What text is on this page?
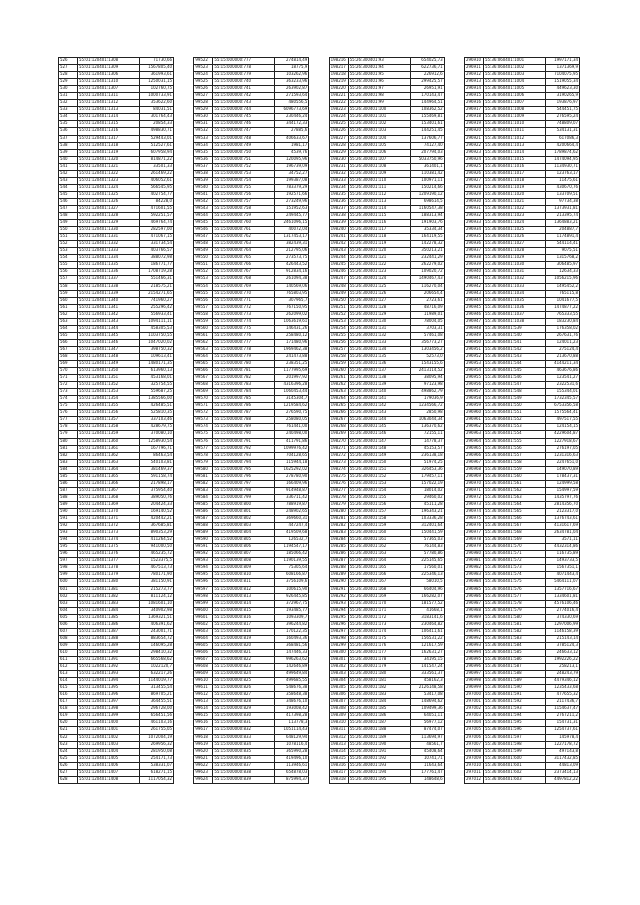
526	55:01:120401:1308	71730,66
527	55:01:120401:1309	1567805,40
528	55:01:120401:1306	361993,61
529	55:01:120401:1310	1250031,15
530	55:01:120401:1307	102760,75
531	55:01:120401:1311	1000733,91
532	55:01:120401:1312	353622,60
533	55:01:120401:1313	84031,51
534	55:01:120401:1314	301764,43
535	55:01:120401:1315	20854,33
536	55:01:120401:1316	498830,71
537	55:01:120401:1317	529443,01
538	55:01:120401:1318	512527,61
539	55:01:120401:1319	607958,94
540	55:01:120401:1320	814871,22
541	55:01:120401:1321	33501,33
542	55:01:120401:1322	261469,22
543	55:01:120401:1323	406052,61
544	55:01:120401:1324	566545,95
545	55:01:120401:1325	402754,77
546	55:01:120401:1326	84228,0
547	55:01:120401:1327	471601,55
548	55:01:120401:1328	592251,57
549	55:01:120401:1329	469764,74
550	55:01:120401:1330	282597,00
551	55:01:120401:1331	471067,15
552	55:01:120401:1332	331734,54
553	55:01:120401:1333	403766,57
554	55:01:120401:1334	388072,98
555	55:01:120401:1335	186771,77
556	55:01:120401:1336	1708719,28
557	55:01:120401:1337	551466,31
558	55:01:120401:1338	218575,21
559	55:01:120401:1339	2154271,65
560	55:01:120401:1340	741960,27
561	55:01:120401:1341	255296,42
562	55:01:120401:1342	556933,41
563	55:01:120401:1343	1094111,11
564	55:01:120401:1344	458305,53
565	55:01:120401:1345	1103750,55
566	55:01:120401:1346	1047020,02
567	55:01:120401:1347	398750,32
568	55:01:120401:1348	109613,41
569	55:01:120401:1349	1480171,35
570	55:01:120401:1350	613960,13
571	55:01:120401:1351	453168,01
572	55:01:120401:1352	325754,55
573	55:01:120401:1353	559687,25
574	55:01:120401:1354	1385566,00
575	55:01:120401:1355	426485,51
576	55:01:120401:1356	525810,35
577	55:01:120401:1357	337103,46
578	55:01:120401:1358	428679,75
579	55:01:120401:1359	370080,10
580	55:01:120401:1360	1258930,54
581	55:01:120401:1361	167796,71
582	55:01:120401:1362	86463,54
583	55:01:120401:1363	540103,81
584	55:01:120401:1364	381469,37
585	55:01:120401:1365	591158,74
586	55:01:120401:1366	217898,17
587	55:01:120401:1367	375954,40
588	55:01:120401:1368	389050,76
589	55:01:120401:1369	204424,33
590	55:01:120401:1370	169140,52
591	55:01:120401:1371	420442,21
592	55:01:120401:1372	367685,81
593	55:01:120401:1373	890353,29
594	55:01:120401:1374	411264,52
595	55:01:120401:1375	941000,50
596	55:01:120401:1376	465235,72
597	55:01:120401:1377	1523375,5
598	55:01:120401:1378	467513,73
599	55:01:120401:1379	780171,90
600	55:01:120401:1380	381150,91
601	55:01:120401:1381	215273,77
602	55:01:120401:1382	811124,12
603	55:01:120401:1383	1081601,10
604	55:01:120401:1384	340902,98
605	55:01:120401:1385	1369321,51
606	55:01:120401:1386	406391,62
607	55:01:120401:1387	243001,71
608	55:01:120401:1388	883654,72
609	55:01:120401:1389	146095,28
610	55:01:120401:1390	298410,32
611	55:01:120401:1391	665568,62
612	55:01:120401:1392	1022120,7
613	55:01:120401:1393	632217,26
614	55:01:120401:1394	1144019,77
615	55:01:120401:1395	313455,54
616	55:01:120401:1396	869705,21
617	55:01:120401:1397	364455,51
618	55:01:120401:1398	296728,00
619	55:01:120401:1399	656451,56
620	55:01:120401:1400	461103,16
621	55:01:120401:1401	261755,05
622	55:01:120401:1402	1072004,19
623	55:01:120401:1403	269956,32
624	55:01:120401:1404	281950,08
625	55:01:120401:1405	254171,73
626	55:01:120401:1406	538331,07
627	55:01:120401:1407	618271,15
628	55:01:120401:1408	1117054,32
99522	55:15:000000:777	274814,49
99523	55:15:000000:778	18775,9
99524	55:15:000000:779	103262,96
99525	55:15:000000:740	363233,96
99526	55:15:000000:741	263902,87
99527	55:15:000000:742	271593,64
99528	55:15:000000:743	480556,5
99529	55:15:000000:744	6096773,69
99530	55:15:000000:745	230446,24
99531	55:15:000000:746	344172,33
99532	55:15:000000:747	27885,6
99533	55:15:000000:748	406633,67
99534	55:15:000000:749	1981,17
99535	55:15:000000:750	4539,76
99536	55:15:000000:751	120095,96
99537	55:15:000000:752	196739,09
99538	55:15:000000:753	34752,27
99539	55:15:000000:754	199387,08
99540	55:15:000000:755	783379,29
99541	55:15:000000:756	192571,66
99542	55:15:000000:757	273249,96
99543	55:15:000000:758	151952,63
99544	55:15:000000:759	249445,77
99545	55:15:000000:760	2461096,15
99546	55:15:000000:761	40072,04
99547	55:15:000000:762	1317453,17
99548	55:15:000000:763	382439,31
99549	55:15:000000:764	212795,06
99550	55:15:000000:765	273573,75
99551	55:15:000000:766	426443,52
99552	55:15:000000:767	912834,16
99553	55:15:000000:768	261094,38
99554	55:15:000000:769	140569,06
99555	55:15:000000:770	765803,95
99556	55:15:000000:771	307965,7
99557	55:15:000000:772	767150,95
99558	55:15:000000:773	262099,02
99559	55:15:000000:774	1063619,61
99560	55:15:000000:775	146431,26
99561	55:15:000000:776	258480,12
99562	55:15:000000:777	171480,96
99563	55:15:000000:778	1969462,38
99564	55:15:000000:779	241473,88
99565	55:15:000000:780	238351,25
99566	55:15:000000:781	1177995,69
99567	55:15:000000:782	201997,92
99568	55:15:000000:783	4316396,28
99569	55:15:000000:784	1060453,44
99570	55:15:000000:785	3145304,7
99571	55:15:000000:786	1219584,62
99572	55:15:000000:787	276590,75
99573	55:15:000000:788	258080,05
99574	55:15:000000:789	761441,00
99575	55:15:000000:790	240498,00
99576	55:15:000000:791	411791,86
99577	55:15:000000:792	1099976,42
99578	55:15:000000:793	704128,65
99579	55:15:000000:794	115944,18
99580	55:15:000000:795	1625292,02
99581	55:15:000000:796	278780,90
99582	55:15:000000:797	166409,96
99583	55:15:000000:798	914948,87
99584	55:15:000000:799	336711,42
99585	55:15:000000:800	788919,87
99586	55:15:000000:801	248902,65
99587	55:15:000000:802	369660,31
99588	55:15:000000:803	447247,4
99589	55:15:000000:804	419509,68
99590	55:15:000000:805	126532,7
99591	55:15:000000:806	1194547,17
99592	55:15:000000:807	185066,42
99593	55:15:000000:808	1190139,55
99594	55:15:000000:809	75305,64
99595	55:15:000000:810	608166,87
99596	55:15:000000:811	3756109,6
99597	55:15:000000:812	100615,90
99598	55:15:000000:813	926445,85
99599	55:15:000000:814	372967,75
99600	55:15:000000:815	193485,77
99601	55:15:000000:816	1093309,7
99602	55:15:000000:817	396244,82
99603	55:15:000000:818	170122,35
99604	55:15:000000:819	160493,36
99605	55:15:000000:820	368481,56
99606	55:15:000000:821	147446,33
99607	55:15:000000:822	996263,62
99608	55:15:000000:823	142646,89
99609	55:15:000000:824	499649,84
99610	55:15:000000:825	499685,55
99611	55:15:000000:826	548676,38
99612	55:15:000000:827	358648,38
99613	55:15:000000:828	348676,10
99614	55:15:000000:829	193008,42
99615	55:15:000000:830	417398,28
99616	55:15:000000:831	113778,3
99617	55:15:000000:832	1051114,43
99618	55:15:000000:833	648129,94
99619	55:15:000000:834	1078116,4
99620	55:15:000000:835	365990,28
99621	55:15:000000:836	419496,10
99622	55:15:000000:837	113946,61
99623	55:15:000000:838	654878,03
99624	55:15:000000:839	875994,37
198216	55:26:300401:93	654025,73
198217	55:26:300401:94	622736,71
198218	55:26:300401:95	226912,6
198219	55:26:300401:96	299425,57
198220	55:26:300401:97	26951,91
198221	55:26:300401:98	170143,47
198222	55:26:300401:99	144964,51
198223	55:26:300401:100	108362,52
198224	55:26:300401:101	155469,81
198225	55:26:300401:102	153401,61
198226	55:26:300401:103	144251,45
198227	55:26:300401:104	137606,77
198228	55:26:300401:105	74127,40
198229	55:26:300401:106	207794,03
198230	55:26:300401:107	5033750,96
198231	55:26:300401:108	361401,1
198232	55:26:300401:109	110381,42
198233	55:26:300401:110	100971,11
198234	55:26:300401:111	150214,66
198235	55:26:300401:112	1209190,12
198236	55:26:300401:113	698614,5
198237	55:26:300401:114	1160547,38
198238	55:26:300401:115	188313,94
198239	55:26:300401:116	191903,76
198240	55:26:300401:117	35334,34
198241	55:26:300401:118	164119,55
198242	55:26:300401:119	142278,32
198243	55:26:300401:120	350213,21
198244	55:26:300401:121	232441,29
198245	55:26:300401:122	262279,02
198246	55:26:300401:123	109020,72
198247	55:26:300401:124	1490467,43
198248	55:26:300401:125	116270,04
198249	55:26:300401:126	206654,4
198250	55:26:300401:127	2723,61
198251	55:26:300401:128	48716,09
198252	55:26:300401:129	11989,01
198253	55:26:300401:130	78004,05
198254	55:26:300401:131	3703,31
198255	55:26:300401:132	57461,08
198256	55:26:300401:133	356773,27
198257	55:26:300401:134	1303456,2
198258	55:26:300401:135	52573,0
198259	55:26:300401:136	1543155,6
198260	55:26:300401:137	2413114,52
198261	55:26:300401:138	38095,94
198262	55:26:300401:139	97123,98
198263	55:26:300401:140	498862,79
198264	55:26:300401:141	179036,9
198265	55:26:300401:142	1234566,72
198266	55:26:300401:143	2850,98
198267	55:26:300401:144	1063044,34
198268	55:26:300401:145	136370,62
198269	55:26:300401:146	72155,11
198270	55:26:300401:147	14778,37
198271	55:26:300401:148	45153,57
198272	55:26:300401:149	236138,18
198273	55:26:300401:150	51974,25
198274	55:26:300401:151	326453,36
198275	55:26:300401:152	179457,11
198276	55:26:300401:153	157022,19
198277	55:26:300401:154	18014,02
198278	55:26:300401:155	29460,02
198279	55:26:300401:156	45111,28
198280	55:26:300401:157	196343,21
198281	55:26:300401:158	103336,28
198282	55:26:300401:159	312401,64
198283	55:26:300401:160	150441,59
198284	55:26:300401:161	57365,03
198285	55:26:300401:162	76144,83
198286	55:26:300401:163	57780,86
198287	55:26:300401:164	225145,65
198288	55:26:300401:165	17560,01
198289	55:26:300401:166	225346,13
198290	55:26:300401:167	58010,5
198291	55:26:300401:168	66404,96
198292	55:26:300401:169	166282,07
198293	55:26:300401:170	181577,52
198294	55:26:300401:171	41668,1
198295	55:26:300401:172	3183141,6
198296	55:26:300401:173	230464,82
198297	55:26:300401:174	106411,61
198298	55:26:300401:175	156531,22
198299	55:26:300401:176	121617,59
198300	55:26:300401:177	162631,27
198301	55:26:300401:178	34195,15
198302	55:26:300401:179	141547,24
198303	55:26:300401:180	333561,37
198304	55:26:300401:181	458162,3
198305	55:26:300401:182	2126148,58
198306	55:26:300401:183	53417,08
198307	55:26:300401:184	148694,62
198308	55:26:300401:185	109499,36
198309	55:26:300401:186	64051,11
198310	55:26:300401:187	56977,12
198311	55:26:300401:188	87474,07
198312	55:26:300401:189	113694,97
198313	55:26:300401:190	48561,7
198314	55:26:300401:191	45408,64
198315	55:26:300401:192	10741,71
198316	55:26:300401:193	11643,64
198317	55:26:300401:194	177761,47
198318	55:26:300401:195	148648,6
296910	55:36:060401:1001	1997171,34
296911	55:36:060401:1002	1371369,9
296912	55:36:060401:1003	7104075,95
296913	55:36:060401:1004	1519055,34
296914	55:36:060401:1005	449623,30
296915	55:36:060401:1006	3190265,9
296916	55:36:060401:1007	193876,97
296917	55:36:060401:1008	544451,75
296918	55:36:060401:1009	276595,24
296919	55:36:060401:1010	748809,07
296920	55:36:060401:1011	534131,31
296921	55:36:060401:1012	617086,3
296922	55:36:060401:1013	4200664,4
296923	55:36:060401:1014	1789874,62
296924	55:36:060401:1015	1474094,95
296925	55:36:060401:1016	1134930,71
296926	55:36:060401:1017	123763,17
296927	55:36:060401:1018	11475,61
296928	55:36:060401:1019	430670,76
296929	55:36:060401:1020	133709,51
296930	55:36:060401:1021	97734,38
296931	55:36:060401:1022	1373931,81
296932	55:36:060401:1023	213395,74
296933	55:36:060401:1024	1364883,21
296934	55:36:060401:1025	204887,7
296935	55:36:060401:1026	1174891,4
296936	55:36:060401:1027	544114,41
296937	55:36:060401:1028	9075,51
296938	55:36:060401:1029	1315768,2
296939	55:36:060401:1030	306485,97
296940	55:36:060401:1031	12634,33
296941	55:36:060401:1032	1056215,96
296942	55:36:060401:1033	1495452,2
296943	55:36:060401:1034	765115,8
296944	55:36:060401:1035	1041677,5
296945	55:36:060401:1036	1474877,22
296946	55:36:060401:1037	765333,55
296947	55:36:060401:1038	183230,84
296948	55:36:060401:539	176358,02
296949	55:36:060401:540	267631,76
296950	55:36:060401:541	124011,23
296951	55:36:060401:542	275124,4
296952	55:36:060401:543	213670,88
296953	55:36:060401:544	4144211,34
296954	55:36:060401:545	463676,86
296955	55:36:060401:546	123541,27
296956	55:36:060401:547	2322531,6
296957	55:36:060401:548	155344,01
296958	55:36:060401:549	1732345,57
296959	55:36:060401:550	6753356,58
296960	55:36:060401:551	1575564,41
296961	55:36:060401:552	497517,55
296962	55:36:060401:553	124154,15
296963	55:36:060401:554	4229604,87
296964	55:36:060401:555	1227918,67
296965	55:36:060401:556	276197,05
296966	55:36:060401:557	1231316,63
296967	55:36:060401:558	2247651,0
296968	55:36:060401:559	149070,89
296969	55:36:060401:560	178437,31
296970	55:36:060401:561	124999,58
296971	55:36:060401:562	154997,59
296972	55:36:060401:563	1435797,76
296973	55:36:060401:564	2814356,70
296974	55:36:060401:565	2123317,0
296975	55:36:060401:566	1376743,61
296976	55:36:060401:567	4131617,69
296977	55:36:060401:568	2634781,04
296978	55:36:060401:569	3571,11
296979	55:36:060401:570	4432314,86
296980	55:36:060401:571	116735,89
296981	55:36:060401:572	1493733,5
296982	55:36:060401:573	1567351,1
296983	55:36:060401:574	4071443,4
296984	55:36:060401:575	5464111,07
296985	55:36:060401:576	1357716,67
296986	55:36:060401:577	1334601,81
296987	55:36:060401:578	4576106,46
296988	55:36:060401:579	2774016,4
296989	55:36:060401:580	374330,69
296990	55:36:060401:581	1297006,99
296991	55:36:060401:582	1146158,39
296992	55:36:060401:583	215143,14
296993	55:36:060401:584	3785124,3
296994	55:36:060401:585	246633,12
296995	55:36:060401:586	1992226,22
296996	55:36:060401:587	258213,1
296997	55:36:060401:588	248243,79
296998	55:36:060401:589	4479346,12
296999	55:36:060401:590	1235433,68
297000	55:36:060401:591	477655,32
297001	55:36:060401:592	2117436,7
297002	55:36:060401:593	1154637,47
297003	55:36:060401:594	2767211,2
297004	55:36:060401:595	154731,31
297005	55:36:060401:596	1254737,61
297006	55:36:060401:597	145978,4
297007	55:36:060401:598	1227178,72
297008	55:36:060401:599	497143,8
297009	55:36:060401:600	3117432,85
297010	55:36:060401:601	44813,09
297011	55:36:060401:602	2373414,13
297012	55:36:060401:603	4497812,22
